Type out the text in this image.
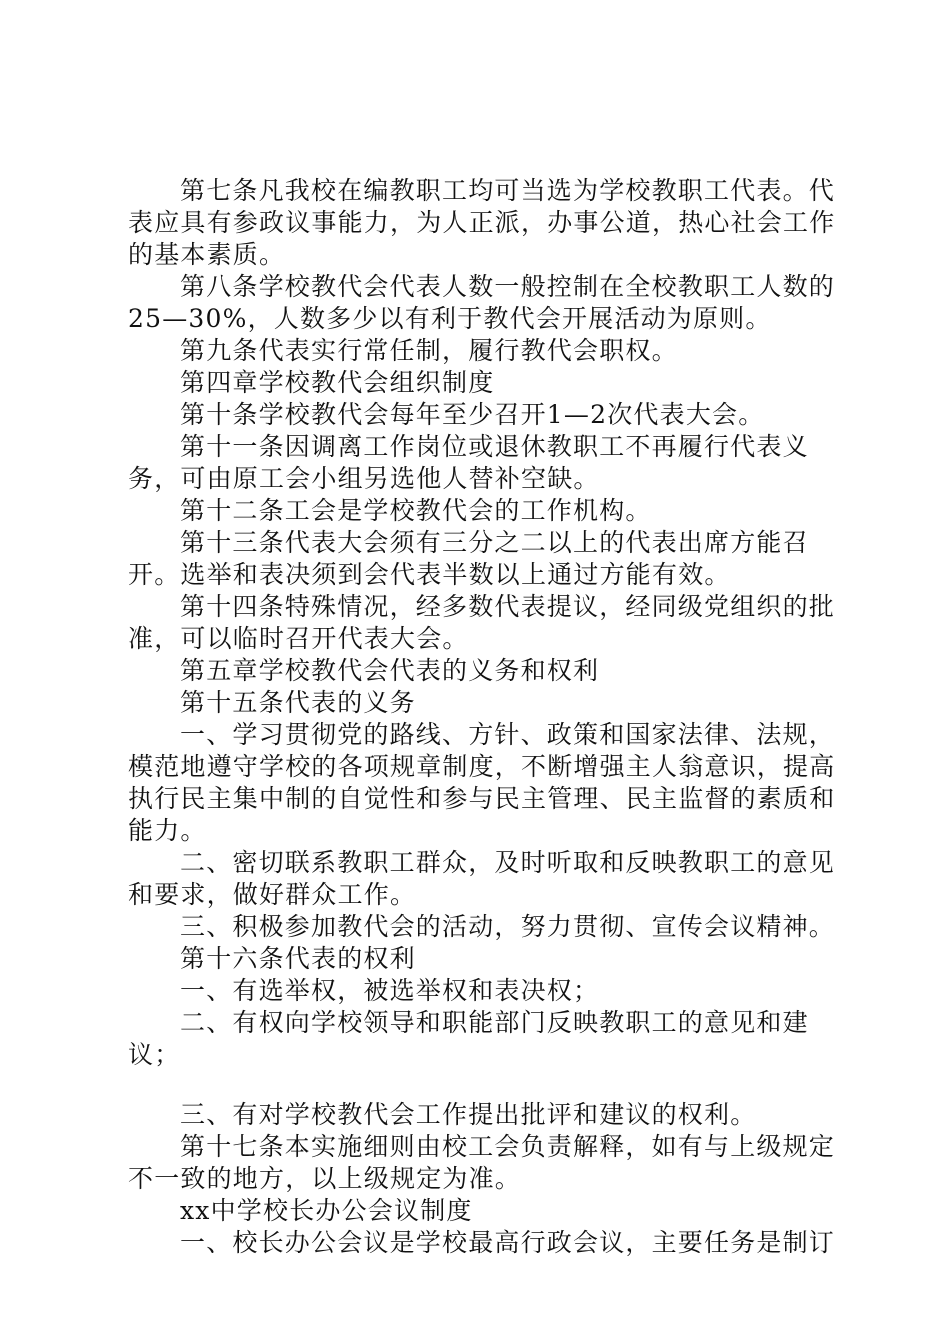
第七条凡我校在编教职工均可当选为学校教职工代表。代表应具有参政议事能力，为人正派，办事公道，热心社会工作的基本素质。

第八条学校教代会代表人数一般控制在全校教职工人数的25—30%，人数多少以有利于教代会开展活动为原则。

第九条代表实行常任制，履行教代会职权。

第四章学校教代会组织制度

第十条学校教代会每年至少召开1—2次代表大会。

第十一条因调离工作岗位或退休教职工不再履行代表义务，可由原工会小组另选他人替补空缺。

第十二条工会是学校教代会的工作机构。

第十三条代表大会须有三分之二以上的代表出席方能召开。选举和表决须到会代表半数以上通过方能有效。

第十四条特殊情况，经多数代表提议，经同级党组织的批准，可以临时召开代表大会。

第五章学校教代会代表的义务和权利

第十五条代表的义务

一、学习贯彻党的路线、方针、政策和国家法律、法规，模范地遵守学校的各项规章制度，不断增强主人翁意识，提高执行民主集中制的自觉性和参与民主管理、民主监督的素质和能力。

二、密切联系教职工群众，及时听取和反映教职工的意见和要求，做好群众工作。

三、积极参加教代会的活动，努力贯彻、宣传会议精神。

第十六条代表的权利

一、有选举权，被选举权和表决权；

二、有权向学校领导和职能部门反映教职工的意见和建议；

三、有对学校教代会工作提出批评和建议的权利。

第十七条本实施细则由校工会负责解释，如有与上级规定不一致的地方，以上级规定为准。

xx中学校长办公会议制度

一、校长办公会议是学校最高行政会议，主要任务是制订
